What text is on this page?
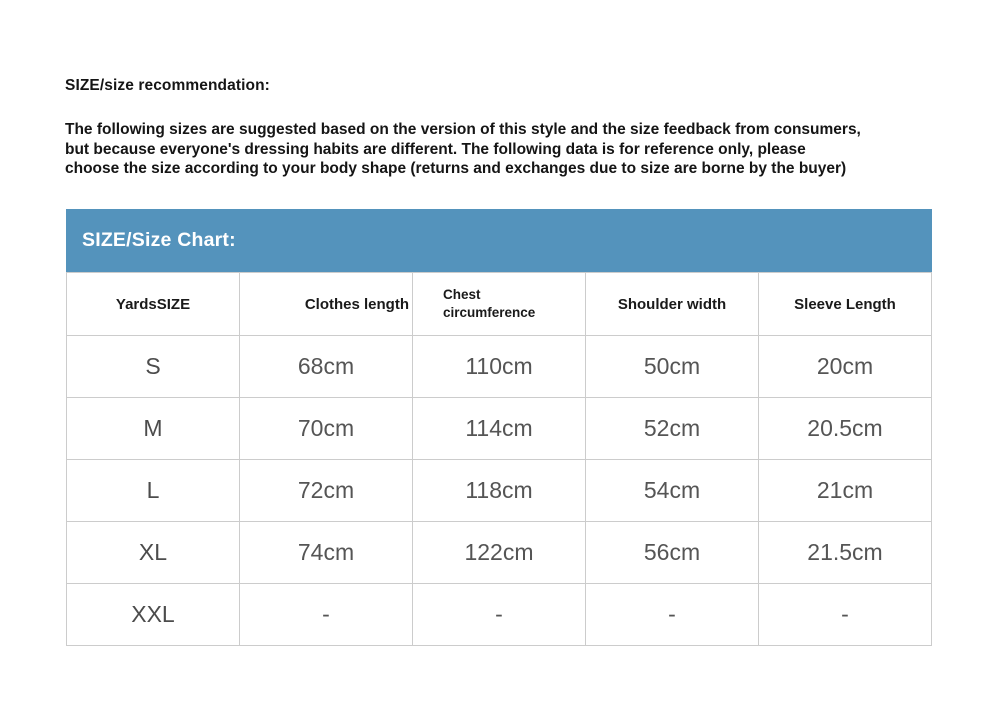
SIZE/size recommendation:
The following sizes are suggested based on the version of this style and the size feedback from consumers,
but because everyone's dressing habits are different. The following data is for reference only, please
choose the size according to your body shape (returns and exchanges due to size are borne by the buyer)
SIZE/Size Chart:
YardsSIZE	Clothes length	Chest circumference	Shoulder width	Sleeve Length
S	68cm	110cm	50cm	20cm
M	70cm	114cm	52cm	20.5cm
L	72cm	118cm	54cm	21cm
XL	74cm	122cm	56cm	21.5cm
XXL	-	-	-	-
